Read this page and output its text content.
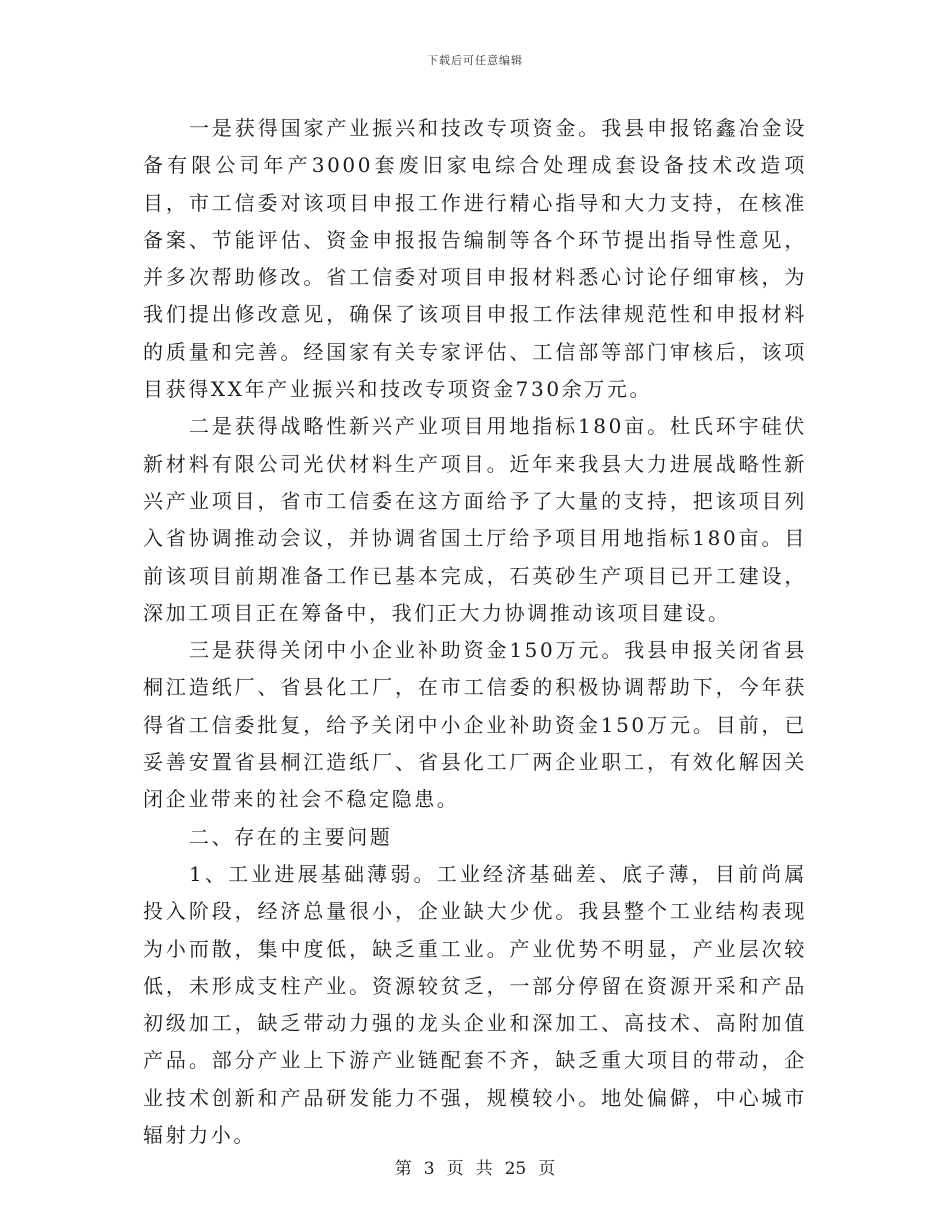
下载后可任意编辑

一是获得国家产业振兴和技改专项资金。我县申报铭鑫冶金设备有限公司年产3000套废旧家电综合处理成套设备技术改造项目，市工信委对该项目申报工作进行精心指导和大力支持，在核准备案、节能评估、资金申报报告编制等各个环节提出指导性意见，并多次帮助修改。省工信委对项目申报材料悉心讨论仔细审核，为我们提出修改意见，确保了该项目申报工作法律规范性和申报材料的质量和完善。经国家有关专家评估、工信部等部门审核后，该项目获得XX年产业振兴和技改专项资金730余万元。

二是获得战略性新兴产业项目用地指标180亩。杜氏环宇硅伏新材料有限公司光伏材料生产项目。近年来我县大力进展战略性新兴产业项目，省市工信委在这方面给予了大量的支持，把该项目列入省协调推动会议，并协调省国土厅给予项目用地指标180亩。目前该项目前期准备工作已基本完成，石英砂生产项目已开工建设，深加工项目正在筹备中，我们正大力协调推动该项目建设。

三是获得关闭中小企业补助资金150万元。我县申报关闭省县桐江造纸厂、省县化工厂，在市工信委的积极协调帮助下，今年获得省工信委批复，给予关闭中小企业补助资金150万元。目前，已妥善安置省县桐江造纸厂、省县化工厂两企业职工，有效化解因关闭企业带来的社会不稳定隐患。

二、存在的主要问题

1、工业进展基础薄弱。工业经济基础差、底子薄，目前尚属投入阶段，经济总量很小，企业缺大少优。我县整个工业结构表现为小而散，集中度低，缺乏重工业。产业优势不明显，产业层次较低，未形成支柱产业。资源较贫乏，一部分停留在资源开采和产品初级加工，缺乏带动力强的龙头企业和深加工、高技术、高附加值产品。部分产业上下游产业链配套不齐，缺乏重大项目的带动，企业技术创新和产品研发能力不强，规模较小。地处偏僻，中心城市辐射力小。

第 3 页 共 25 页
